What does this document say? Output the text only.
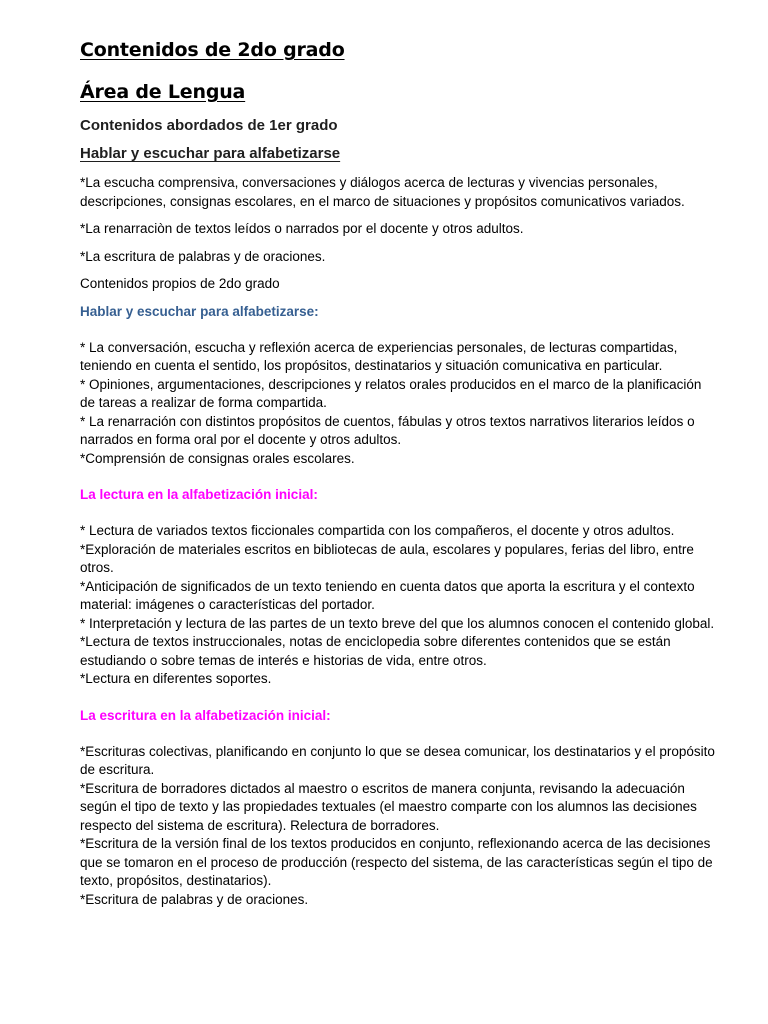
Contenidos de 2do grado
Área de Lengua
Contenidos abordados de 1er grado
Hablar y escuchar para alfabetizarse

*La escucha comprensiva, conversaciones y diálogos acerca de lecturas y vivencias personales, descripciones, consignas escolares, en el marco de situaciones y propósitos comunicativos variados.

*La renarraciòn de textos leídos o narrados por el docente y otros adultos.

*La escritura de palabras y de oraciones.

Contenidos propios de 2do grado

Hablar y escuchar para alfabetizarse:

* La conversación, escucha y reflexión acerca de experiencias personales, de lecturas compartidas, teniendo en cuenta el sentido, los propósitos, destinatarios y situación comunicativa en particular.

* Opiniones, argumentaciones, descripciones y relatos orales producidos en el marco de la planificación de tareas a realizar de forma compartida.

* La renarración con distintos propósitos de cuentos, fábulas y otros textos narrativos literarios leídos o narrados en forma oral por el docente y otros adultos.

*Comprensión de consignas orales escolares.

La lectura en la alfabetización inicial:

* Lectura de variados textos ficcionales compartida con los compañeros, el docente y otros adultos.

*Exploración de materiales escritos en bibliotecas de aula, escolares y populares, ferias del libro, entre otros.

*Anticipación de significados de un texto teniendo en cuenta datos que aporta la escritura y el contexto material: imágenes o características del portador.

* Interpretación y lectura de las partes de un texto breve del que los alumnos conocen el contenido global.

*Lectura de textos instruccionales, notas de enciclopedia sobre diferentes contenidos que se están estudiando o sobre temas de interés e historias de vida, entre otros.

*Lectura en diferentes soportes.

La escritura en la alfabetización inicial:

*Escrituras colectivas, planificando en conjunto lo que se desea comunicar, los destinatarios y el propósito de escritura.

*Escritura de borradores dictados al maestro o escritos de manera conjunta, revisando la adecuación según el tipo de texto y las propiedades textuales (el maestro comparte con los alumnos las decisiones respecto del sistema de escritura). Relectura de borradores.

*Escritura de la versión final de los textos producidos en conjunto, reflexionando acerca de las decisiones que se tomaron en el proceso de producción (respecto del sistema, de las características según el tipo de texto, propósitos, destinatarios).

*Escritura de palabras y de oraciones.
